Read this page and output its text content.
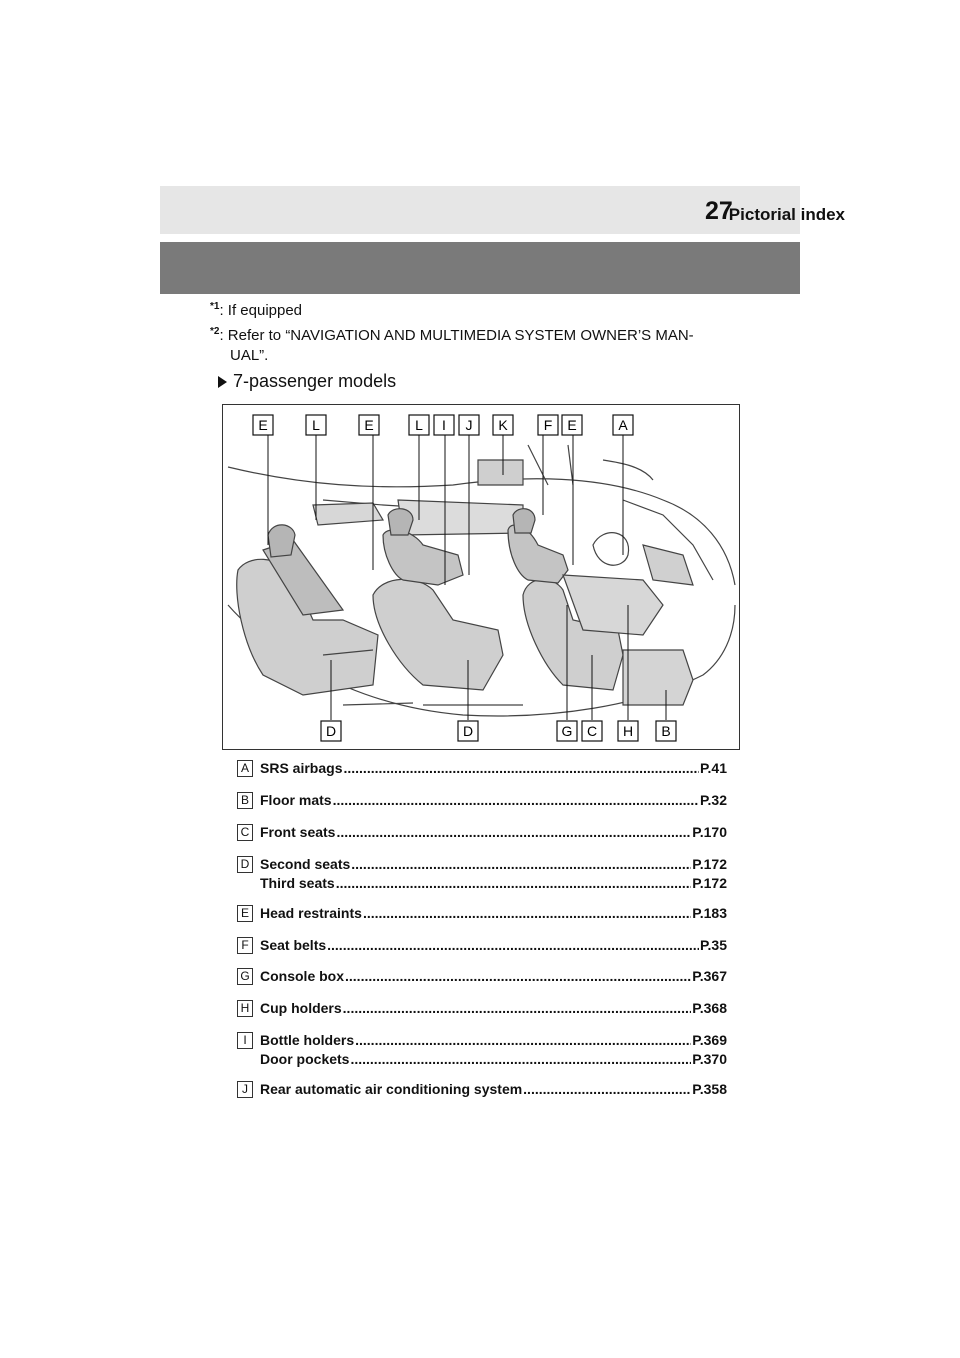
Pictorial index
27
$^{*1}$: If equipped
$^{*2}$: Refer to “NAVIGATION AND MULTIMEDIA SYSTEM OWNER’S MAN-
UAL”.
7-passenger models
E	L	E	L I J K	F E	A
D	D	G C H B
A SRS airbags .....	P.41
B Floor mats .....	P.32
C Front seats .....	P.170
D Second seats .....	P.172
Third seats .....	P.172
E Head restraints .....	P.183
F Seat belts .....	P.35
G Console box .....	P.367
H Cup holders .....	P.368
I Bottle holders .....	P.369
Door pockets .....	P.370
J Rear automatic air conditioning system .....	P.358
